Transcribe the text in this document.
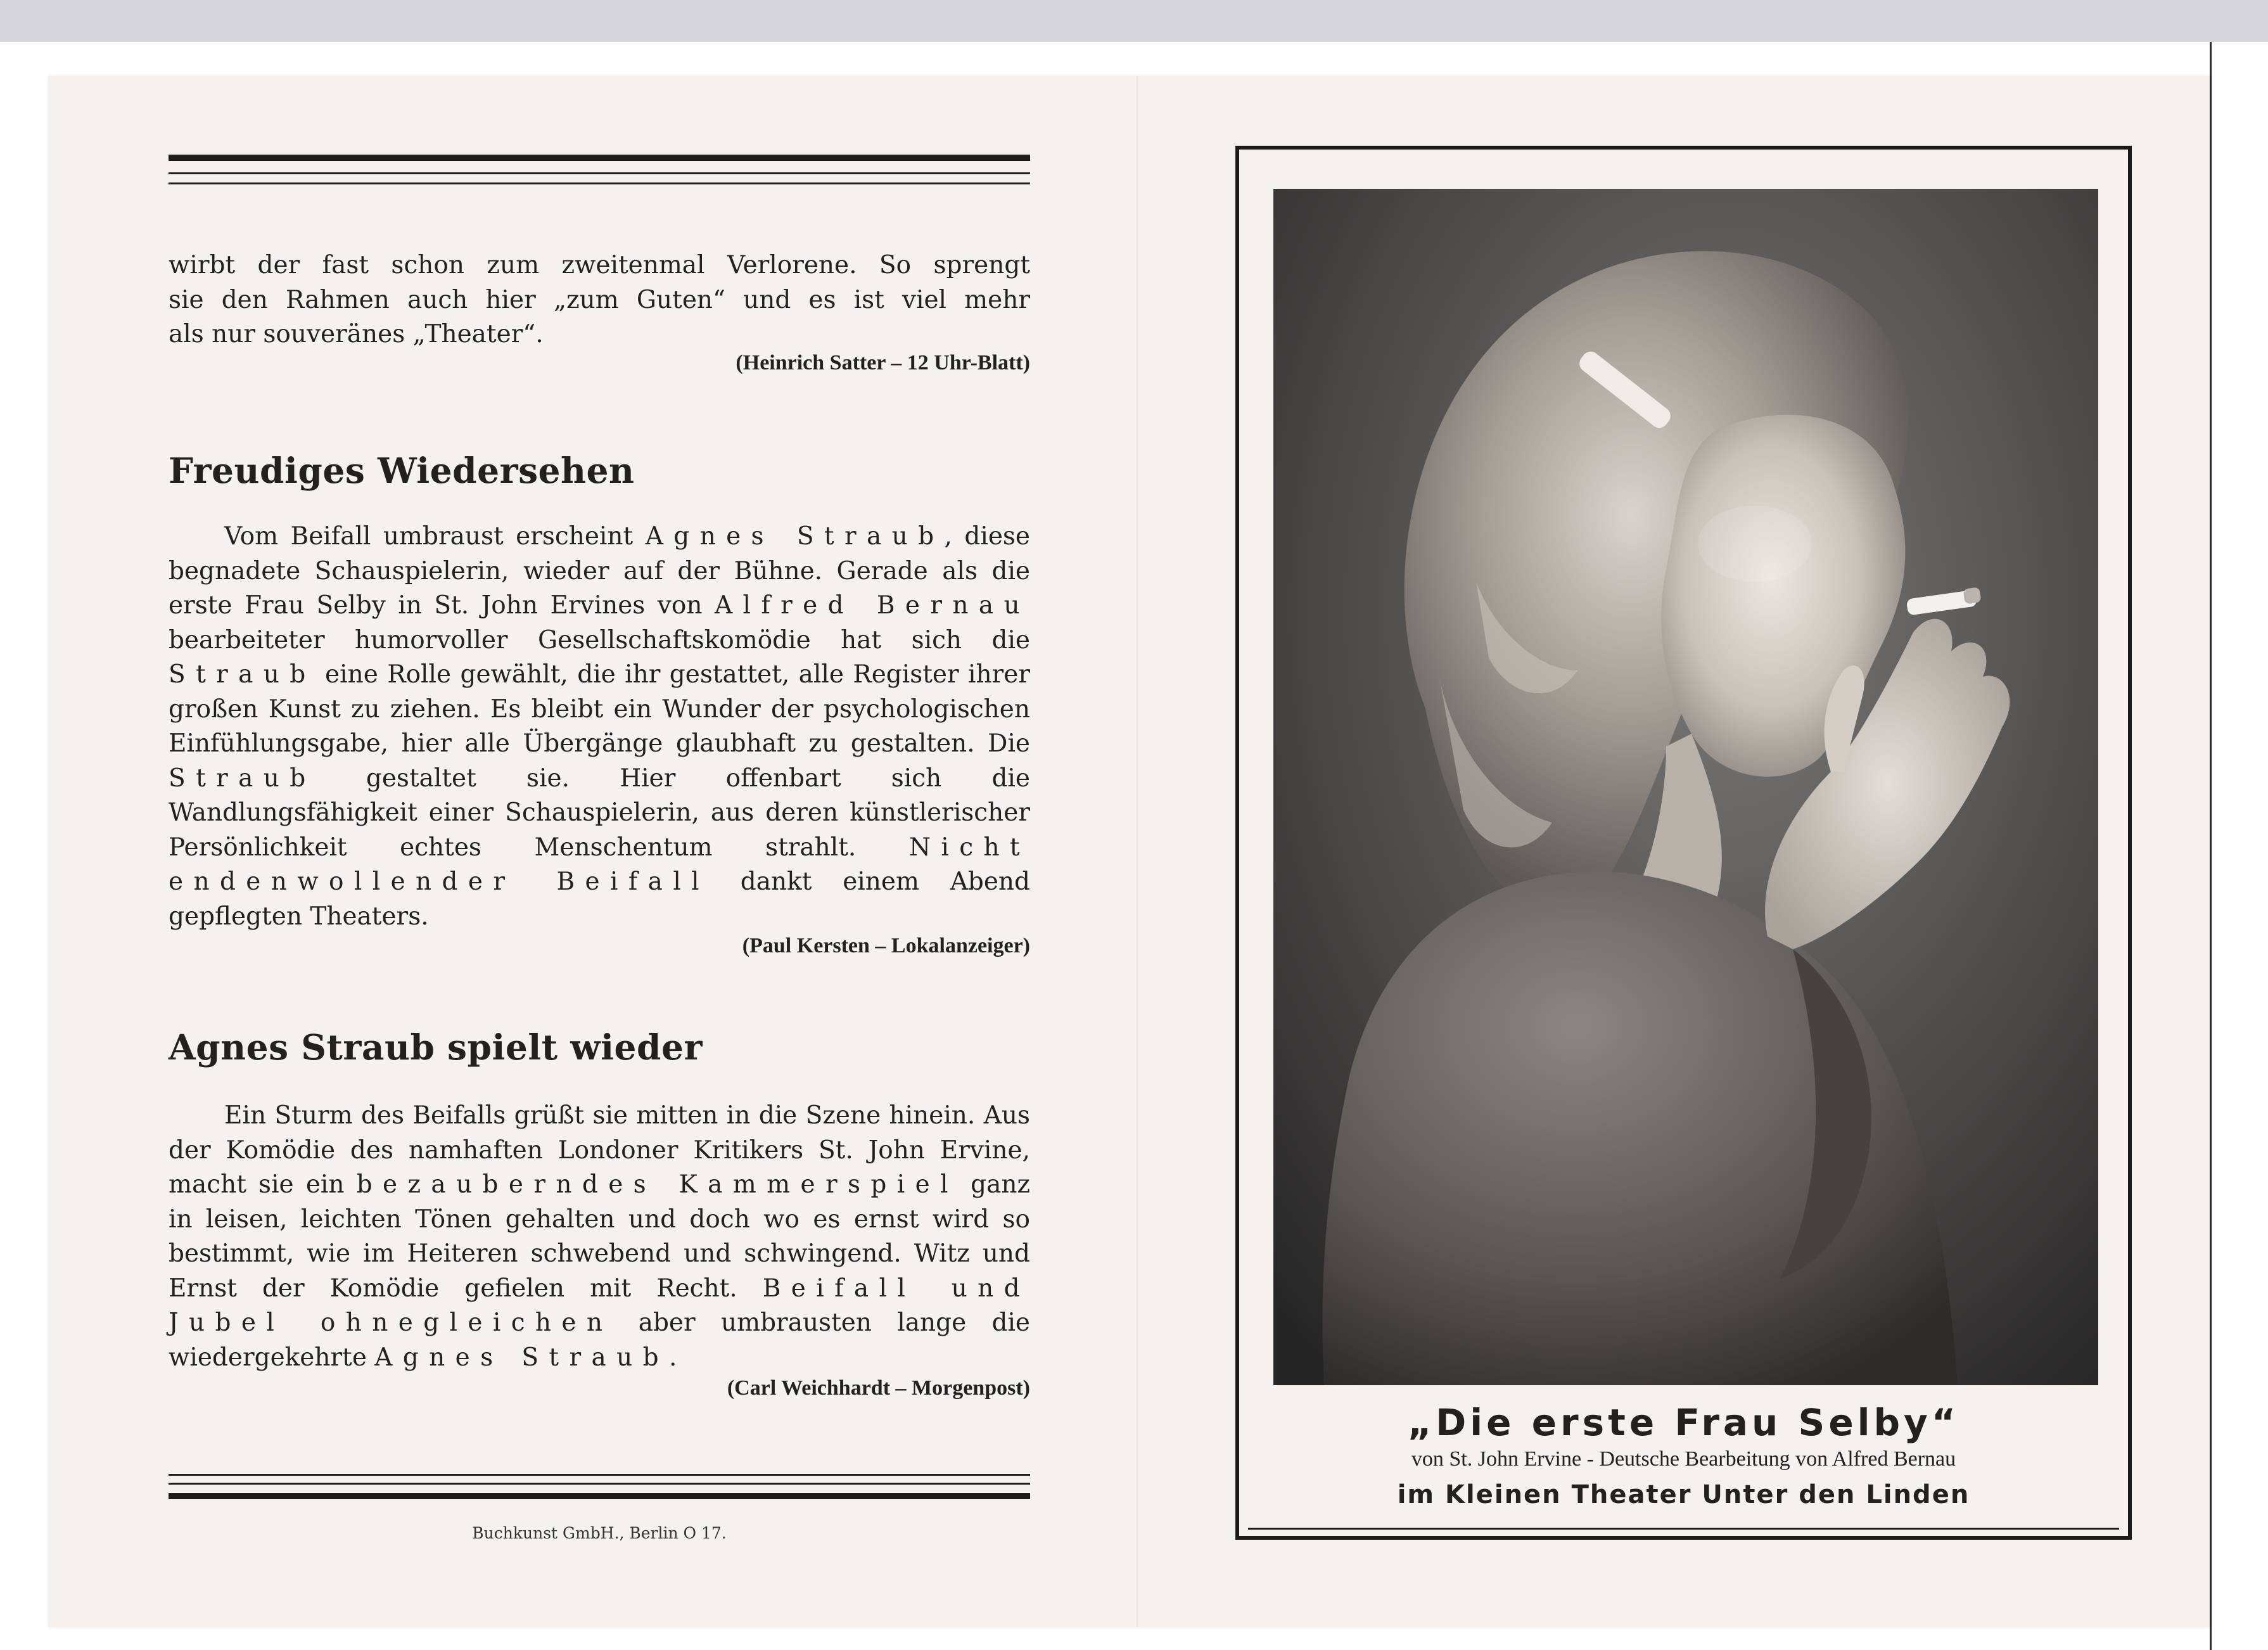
wirbt der fast schon zum zweitenmal Verlorene. So sprengt

sie den Rahmen auch hier „zum Guten“ und es ist viel mehr

als nur souveränes „Theater“.

(Heinrich Satter – 12 Uhr-Blatt)
Freudiges Wiedersehen

Vom Beifall umbraust erscheint Agnes Straub, diese begnadete Schauspielerin, wieder auf der Bühne. Gerade als die erste Frau Selby in St. John Ervines von Alfred Bernau bearbeiteter humorvoller Gesellschaftskomödie hat sich die Straub eine Rolle gewählt, die ihr gestattet, alle Register ihrer großen Kunst zu ziehen. Es bleibt ein Wunder der psychologischen Einfühlungsgabe, hier alle Übergänge glaubhaft zu gestalten. Die Straub gestaltet sie. Hier offenbart sich die Wandlungsfähigkeit einer Schauspielerin, aus deren künstlerischer Persönlichkeit echtes Menschentum strahlt. Nicht endenwollender Beifall dankt einem Abend gepflegten Theaters.

(Paul Kersten – Lokalanzeiger)
Agnes Straub spielt wieder

Ein Sturm des Beifalls grüßt sie mitten in die Szene hinein. Aus der Komödie des namhaften Londoner Kritikers St. John Ervine, macht sie ein bezauberndes Kammerspiel ganz in leisen, leichten Tönen gehalten und doch wo es ernst wird so bestimmt, wie im Heiteren schwebend und schwingend. Witz und Ernst der Komödie gefielen mit Recht. Beifall und Jubel ohnegleichen aber umbrausten lange die wiedergekehrte Agnes Straub.

(Carl Weichhardt – Morgenpost)
Buchkunst GmbH., Berlin O 17.
„Die erste Frau Selby“
von St. John Ervine - Deutsche Bearbeitung von Alfred Bernau
im Kleinen Theater Unter den Linden
